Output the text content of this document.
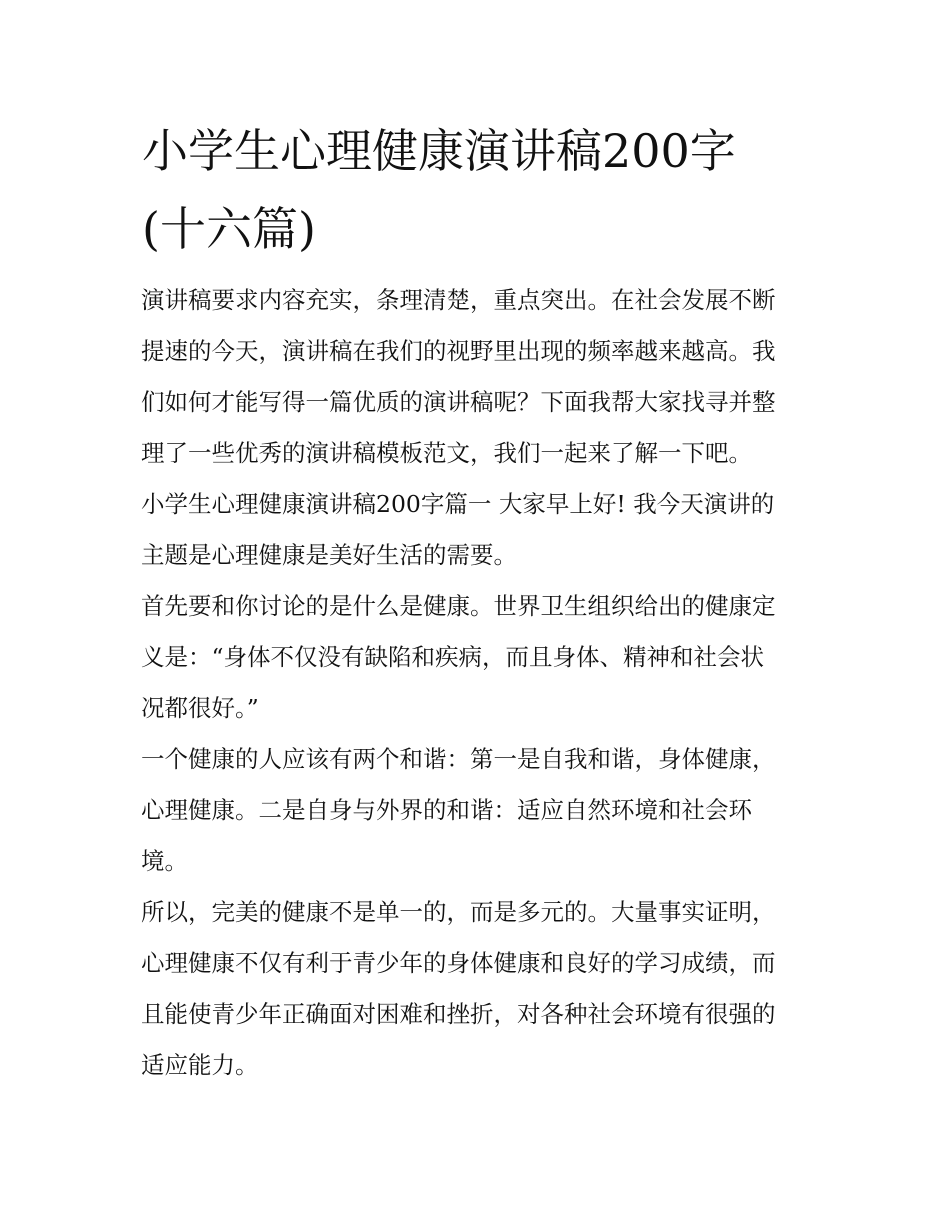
小学生心理健康演讲稿200字
(十六篇)

演讲稿要求内容充实，条理清楚，重点突出。在社会发展不断
提速的今天，演讲稿在我们的视野里出现的频率越来越高。我
们如何才能写得一篇优质的演讲稿呢？下面我帮大家找寻并整
理了一些优秀的演讲稿模板范文，我们一起来了解一下吧。

小学生心理健康演讲稿200字篇一 大家早上好! 我今天演讲的
主题是心理健康是美好生活的需要。

首先要和你讨论的是什么是健康。世界卫生组织给出的健康定
义是：“身体不仅没有缺陷和疾病，而且身体、精神和社会状
况都很好。”

一个健康的人应该有两个和谐：第一是自我和谐，身体健康，
心理健康。二是自身与外界的和谐：适应自然环境和社会环
境。

所以，完美的健康不是单一的，而是多元的。大量事实证明，
心理健康不仅有利于青少年的身体健康和良好的学习成绩，而
且能使青少年正确面对困难和挫折，对各种社会环境有很强的
适应能力。
